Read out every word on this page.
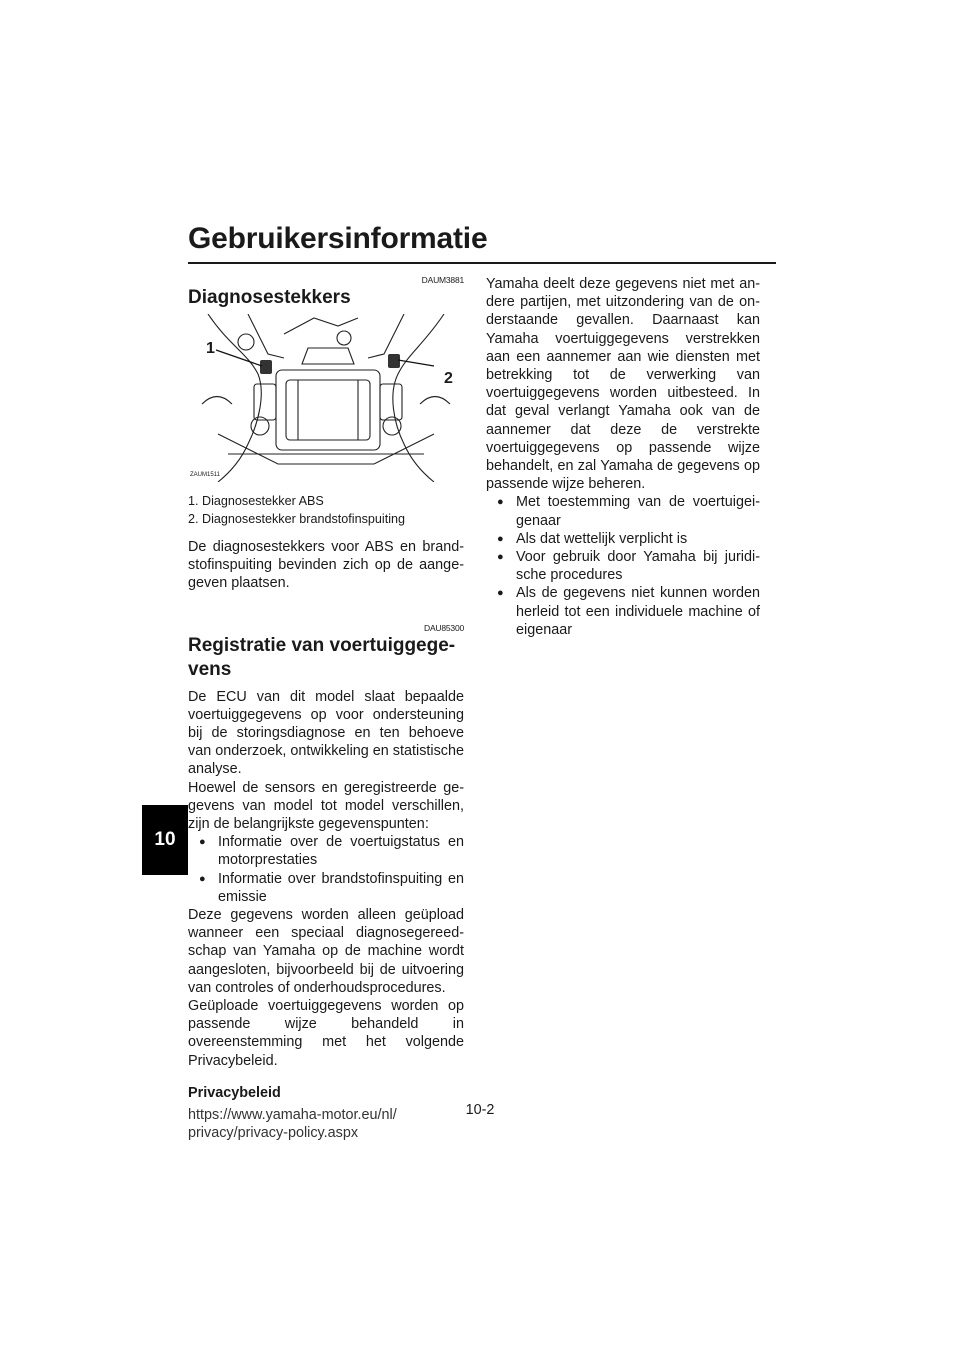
Gebruikersinformatie
10

DAUM3881

Diagnosestekkers
1
2
ZAUM1511
1. Diagnosestekker ABS
2. Diagnosestekker brandstofinspuiting

De diagnosestekkers voor ABS en brandstofinspuiting bevinden zich op de aangegeven plaatsen.

DAU85300

Registratie van voertuiggege-
vens

De ECU van dit model slaat bepaalde voertuiggegevens op voor ondersteuning bij de storingsdiagnose en ten behoeve van onderzoek, ontwikkeling en statistische analyse.

Hoewel de sensors en geregistreerde gegevens van model tot model verschillen, zijn de belangrijkste gegevenspunten:

● Informatie over de voertuigstatus en motorprestaties
● Informatie over brandstofinspuiting en emissie

Deze gegevens worden alleen geüpload wanneer een speciaal diagnosegereedschap van Yamaha op de machine wordt aangesloten, bijvoorbeeld bij de uitvoering van controles of onderhoudsprocedures.

Geüploade voertuiggegevens worden op passende wijze behandeld in overeenstemming met het volgende Privacybeleid.

Privacybeleid
https://www.yamaha-motor.eu/nl/
privacy/privacy-policy.aspx

Yamaha deelt deze gegevens niet met andere partijen, met uitzondering van de onderstaande gevallen. Daarnaast kan Yamaha voertuiggegevens verstrekken aan een aannemer aan wie diensten met betrekking tot de verwerking van voertuiggegevens worden uitbesteed. In dat geval verlangt Yamaha ook van de aannemer dat deze de verstrekte voertuiggegevens op passende wijze behandelt, en zal Yamaha de gegevens op passende wijze beheren.

● Met toestemming van de voertuigeigenaar
● Als dat wettelijk verplicht is
● Voor gebruik door Yamaha bij juridische procedures
● Als de gegevens niet kunnen worden herleid tot een individuele machine of eigenaar
10-2
